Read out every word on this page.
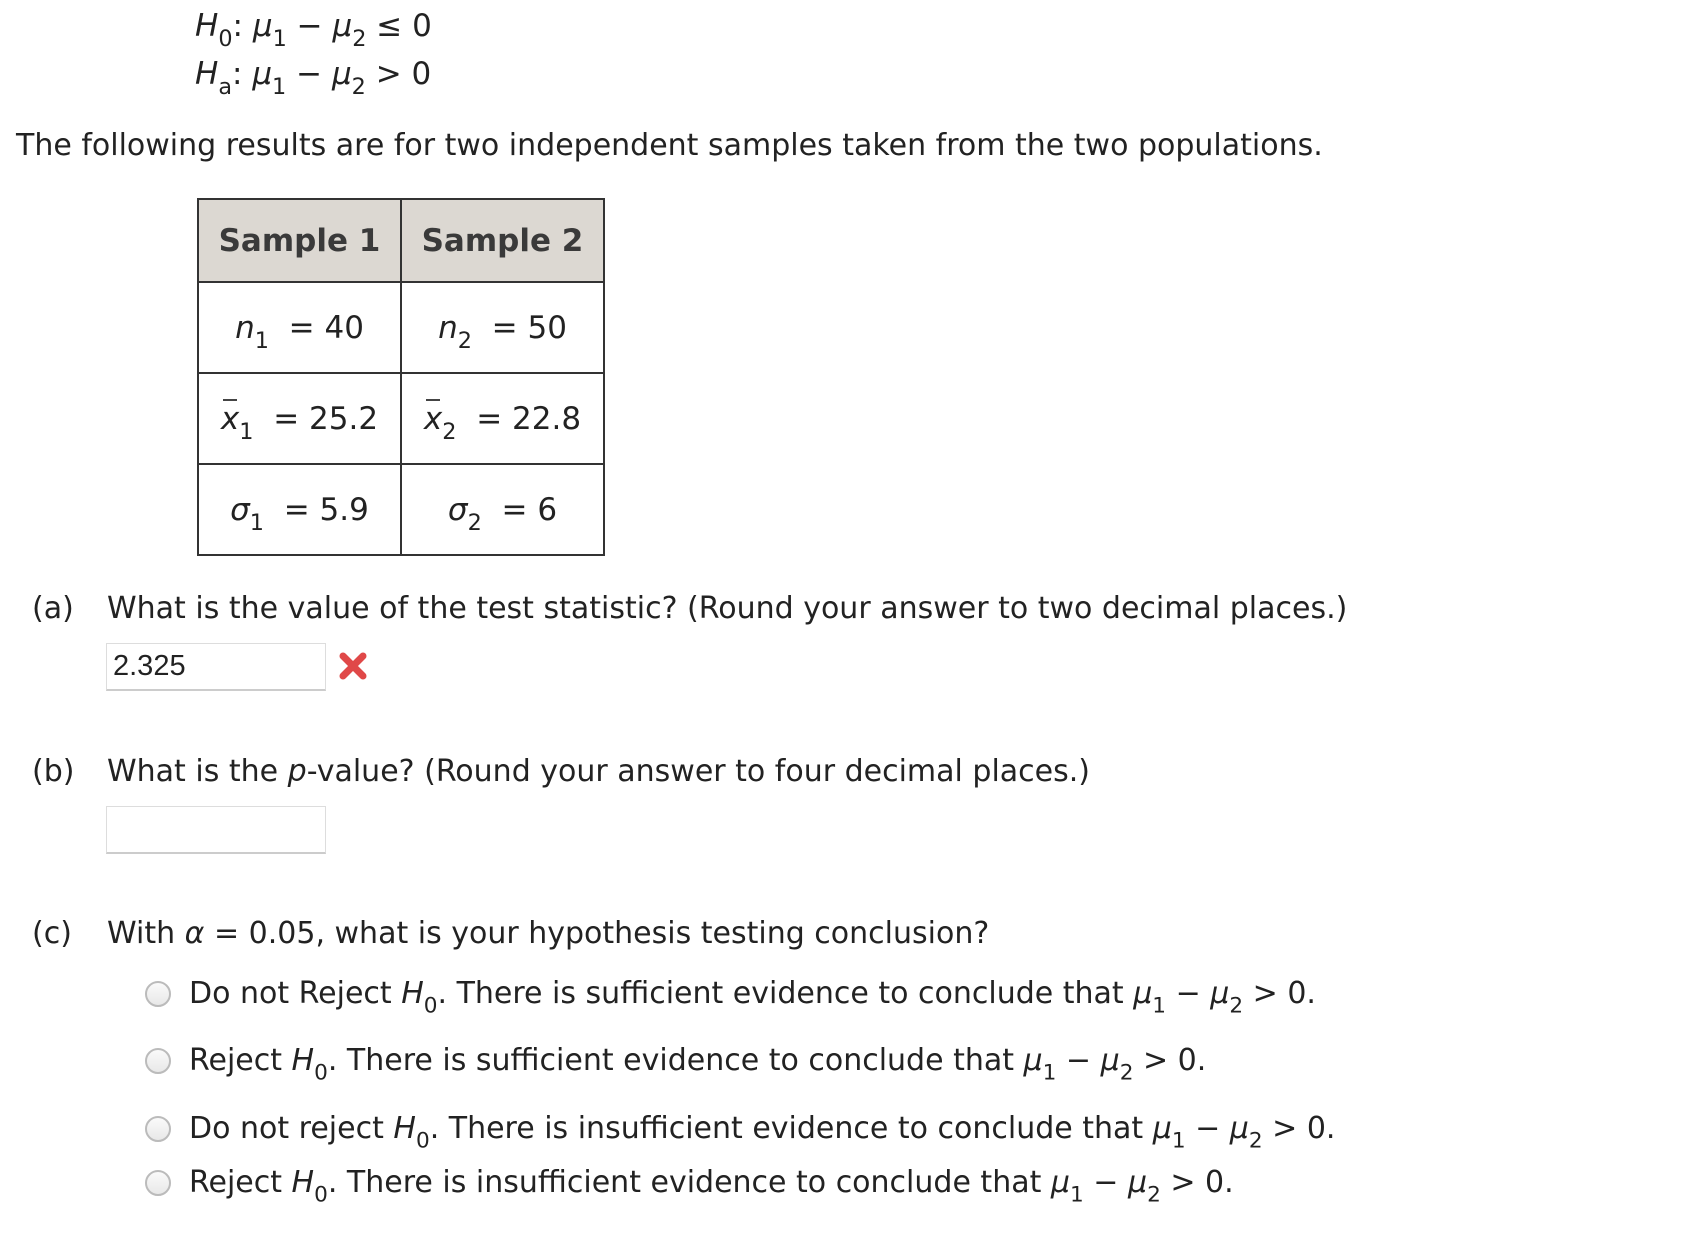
$H_0$: $\mu_1 - \mu_2 \le 0$
$H_a$: $\mu_1 - \mu_2 > 0$
The following results are for two independent samples taken from the two populations.
Sample 1	Sample 2
$n_1 = 40$	$n_2 = 50$
$x_1 = 25.2$	$x_2 = 22.8$
$\sigma_1 = 5.9$	$\sigma_2 = 6$
(a) What is the value of the test statistic? (Round your answer to two decimal places.)
2.325
(b) What is the p-value? (Round your answer to four decimal places.)
(c) With α = 0.05, what is your hypothesis testing conclusion?
Do not Reject $H_0$. There is sufficient evidence to conclude that $\mu_1 - \mu_2 > 0$.
Reject $H_0$. There is sufficient evidence to conclude that $\mu_1 - \mu_2 > 0$.
Do not reject $H_0$. There is insufficient evidence to conclude that $\mu_1 - \mu_2 > 0$.
Reject $H_0$. There is insufficient evidence to conclude that $\mu_1 - \mu_2 > 0$.
